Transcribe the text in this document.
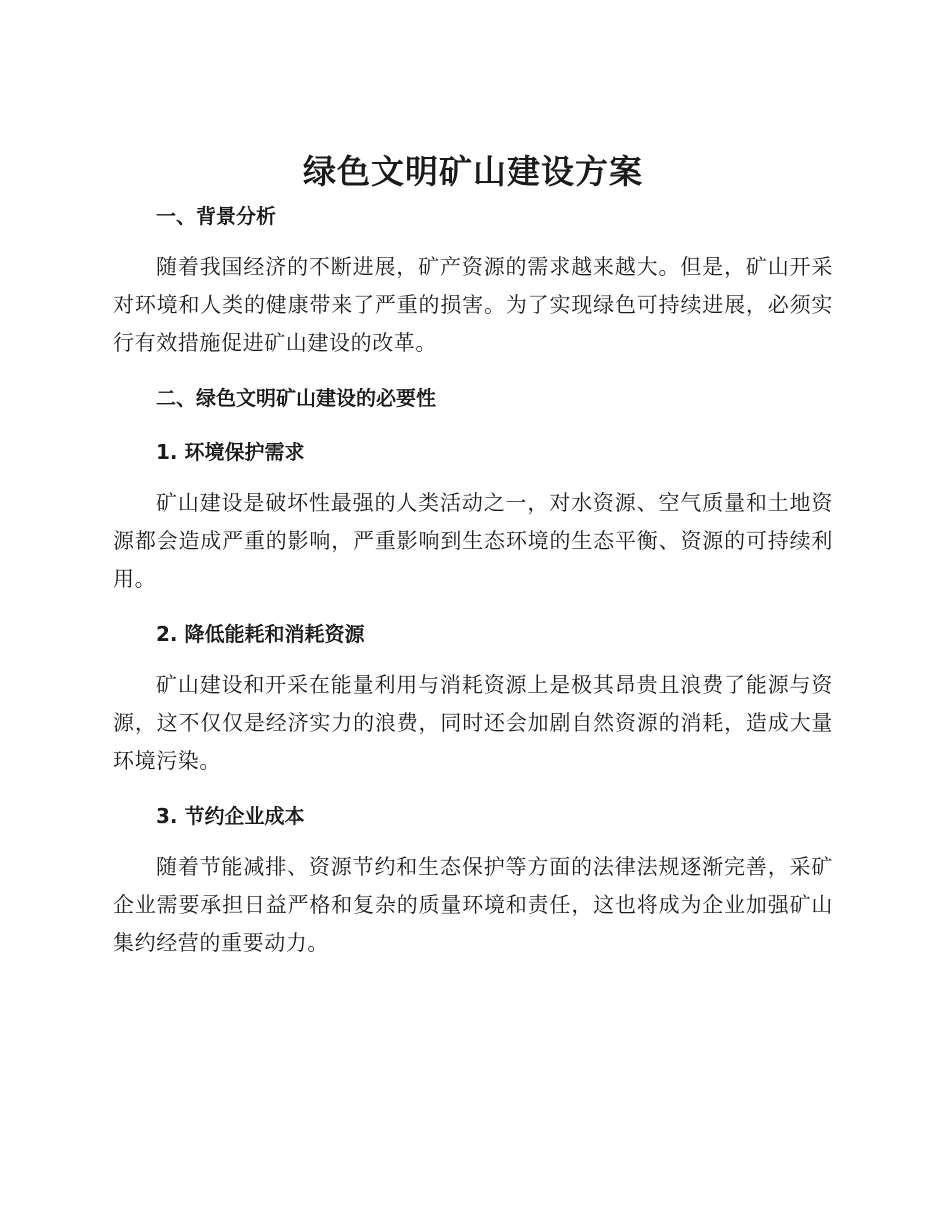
绿色文明矿山建设方案
一、背景分析

随着我国经济的不断进展，矿产资源的需求越来越大。但是，矿山开采对环境和人类的健康带来了严重的损害。为了实现绿色可持续进展，必须实行有效措施促进矿山建设的改革。

二、绿色文明矿山建设的必要性
1. 环境保护需求

矿山建设是破坏性最强的人类活动之一，对水资源、空气质量和土地资源都会造成严重的影响，严重影响到生态环境的生态平衡、资源的可持续利用。

2. 降低能耗和消耗资源

矿山建设和开采在能量利用与消耗资源上是极其昂贵且浪费了能源与资源，这不仅仅是经济实力的浪费，同时还会加剧自然资源的消耗，造成大量环境污染。

3. 节约企业成本

随着节能减排、资源节约和生态保护等方面的法律法规逐渐完善，采矿企业需要承担日益严格和复杂的质量环境和责任，这也将成为企业加强矿山集约经营的重要动力。
